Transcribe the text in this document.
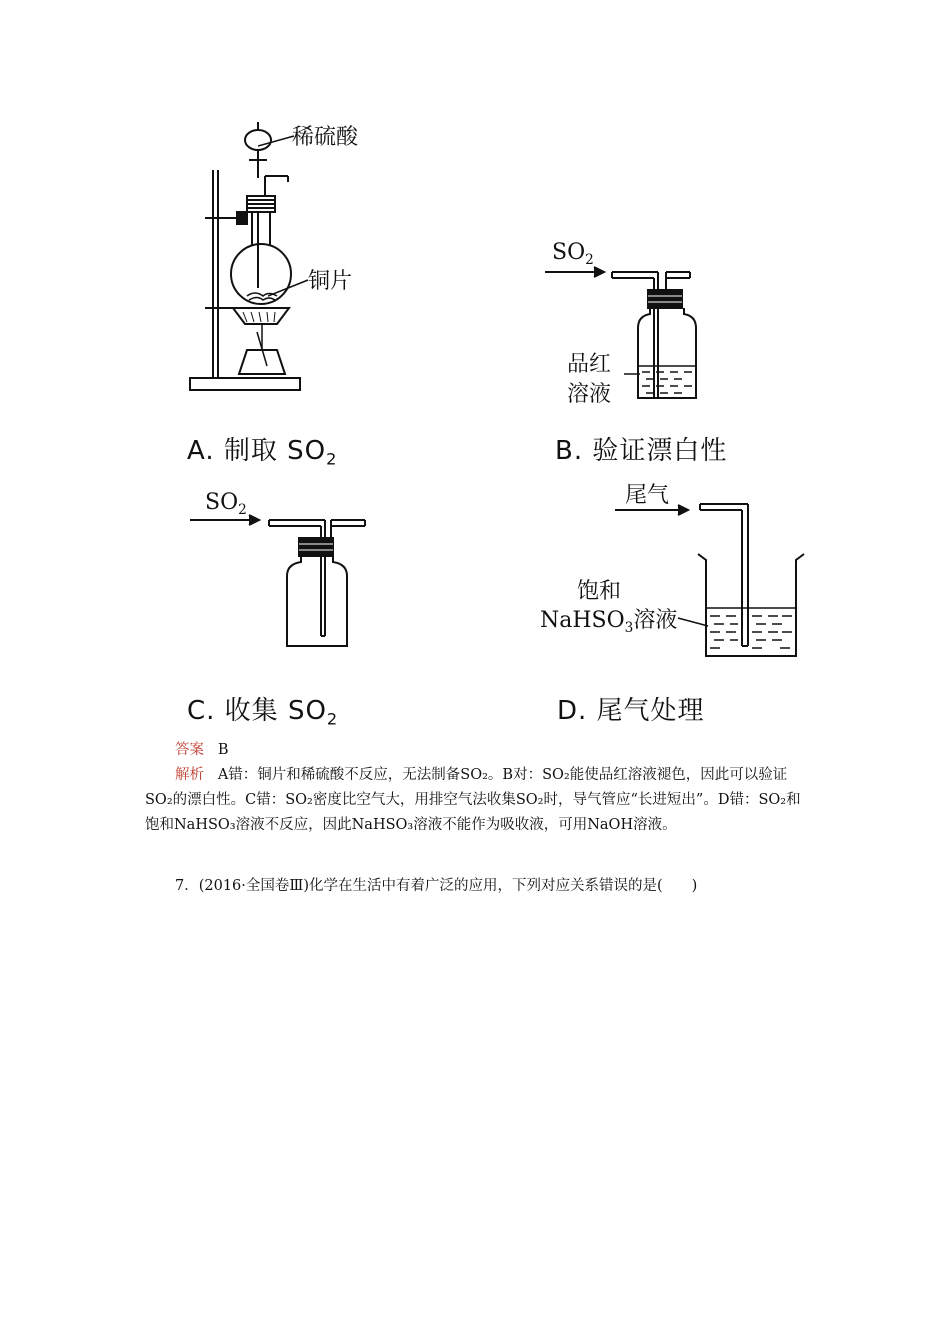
稀硫酸
铜片
A. 制取 $SO_2$
$SO_2$
品红
溶液
B. 验证漂白性
$SO_2$
C. 收集 $SO_2$
尾气
饱和
NaHSO$_3$溶液
D. 尾气处理

答案 B

解析 A错：铜片和稀硫酸不反应，无法制备SO₂。B对：SO₂能使品红溶液褪色，因此可以验证SO₂的漂白性。C错：SO₂密度比空气大，用排空气法收集SO₂时，导气管应“长进短出”。D错：SO₂和饱和NaHSO₃溶液不反应，因此NaHSO₃溶液不能作为吸收液，可用NaOH溶液。

7．(2016·全国卷Ⅲ)化学在生活中有着广泛的应用，下列对应关系错误的是(　　)
